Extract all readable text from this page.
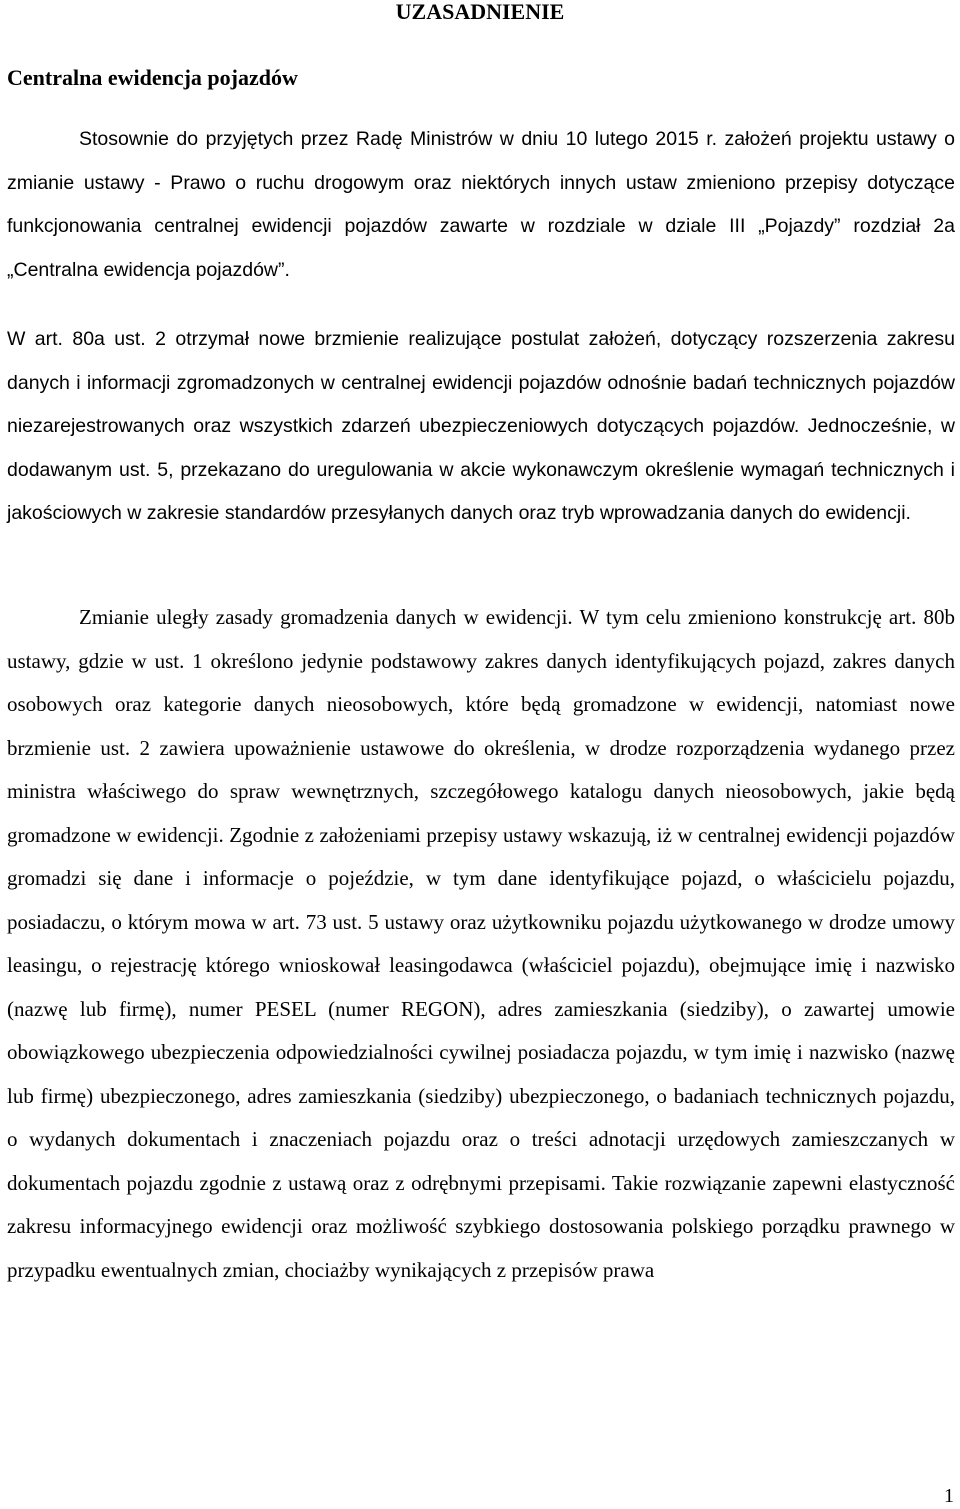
UZASADNIENIE
Centralna ewidencja pojazdów

Stosownie do przyjętych przez Radę Ministrów w dniu 10 lutego 2015 r. założeń projektu ustawy o zmianie ustawy - Prawo o ruchu drogowym oraz niektórych innych ustaw zmieniono przepisy dotyczące funkcjonowania centralnej ewidencji pojazdów zawarte w rozdziale w dziale III „Pojazdy” rozdział 2a „Centralna ewidencja pojazdów”.

W art. 80a ust. 2 otrzymał nowe brzmienie realizujące postulat założeń, dotyczący rozszerzenia zakresu danych i informacji zgromadzonych w centralnej ewidencji pojazdów odnośnie badań technicznych pojazdów niezarejestrowanych oraz wszystkich zdarzeń ubezpieczeniowych dotyczących pojazdów. Jednocześnie, w dodawanym ust. 5, przekazano do uregulowania w akcie wykonawczym określenie wymagań technicznych i jakościowych w zakresie standardów przesyłanych danych oraz tryb wprowadzania danych do ewidencji.

Zmianie uległy zasady gromadzenia danych w ewidencji. W tym celu zmieniono konstrukcję art. 80b ustawy, gdzie w ust. 1 określono jedynie podstawowy zakres danych identyfikujących pojazd, zakres danych osobowych oraz kategorie danych nieosobowych, które będą gromadzone w ewidencji, natomiast nowe brzmienie ust. 2 zawiera upoważnienie ustawowe do określenia, w drodze rozporządzenia wydanego przez ministra właściwego do spraw wewnętrznych, szczegółowego katalogu danych nieosobowych, jakie będą gromadzone w ewidencji. Zgodnie z założeniami przepisy ustawy wskazują, iż w centralnej ewidencji pojazdów gromadzi się dane i informacje o pojeździe, w tym dane identyfikujące pojazd, o właścicielu pojazdu, posiadaczu, o którym mowa w art. 73 ust. 5 ustawy oraz użytkowniku pojazdu użytkowanego w drodze umowy leasingu, o rejestrację którego wnioskował leasingodawca (właściciel pojazdu), obejmujące imię i nazwisko (nazwę lub firmę), numer PESEL (numer REGON), adres zamieszkania (siedziby), o zawartej umowie obowiązkowego ubezpieczenia odpowiedzialności cywilnej posiadacza pojazdu, w tym imię i nazwisko (nazwę lub firmę) ubezpieczonego, adres zamieszkania (siedziby) ubezpieczonego, o badaniach technicznych pojazdu, o wydanych dokumentach i znaczeniach pojazdu oraz o treści adnotacji urzędowych zamieszczanych w dokumentach pojazdu zgodnie z ustawą oraz z odrębnymi przepisami. Takie rozwiązanie zapewni elastyczność zakresu informacyjnego ewidencji oraz możliwość szybkiego dostosowania polskiego porządku prawnego w przypadku ewentualnych zmian, chociażby wynikających z przepisów prawa

1
